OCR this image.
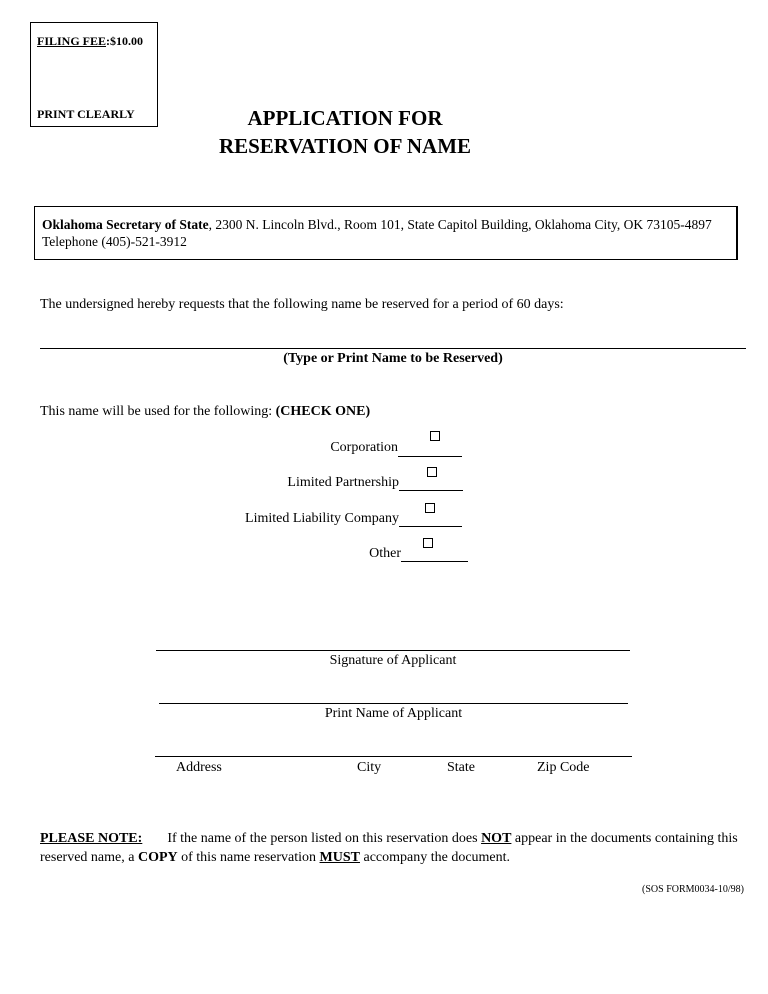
FILING FEE:$10.00
PRINT CLEARLY	APPLICATION FOR
RESERVATION OF NAME
Oklahoma Secretary of State, 2300 N. Lincoln Blvd., Room 101, State Capitol Building, Oklahoma City, OK 73105-4897
Telephone (405)-521-3912
The undersigned hereby requests that the following name be reserved for a period of 60 days:
(Type or Print Name to be Reserved)
This name will be used for the following: (CHECK ONE)
Corporation
Limited Partnership
Limited Liability Company
Other
Signature of Applicant
Print Name of Applicant
Address	City	State	Zip Code
PLEASE NOTE: If the name of the person listed on this reservation does NOT appear in the documents containing this reserved name, a COPY of this name reservation MUST accompany the document.
(SOS FORM0034-10/98)
